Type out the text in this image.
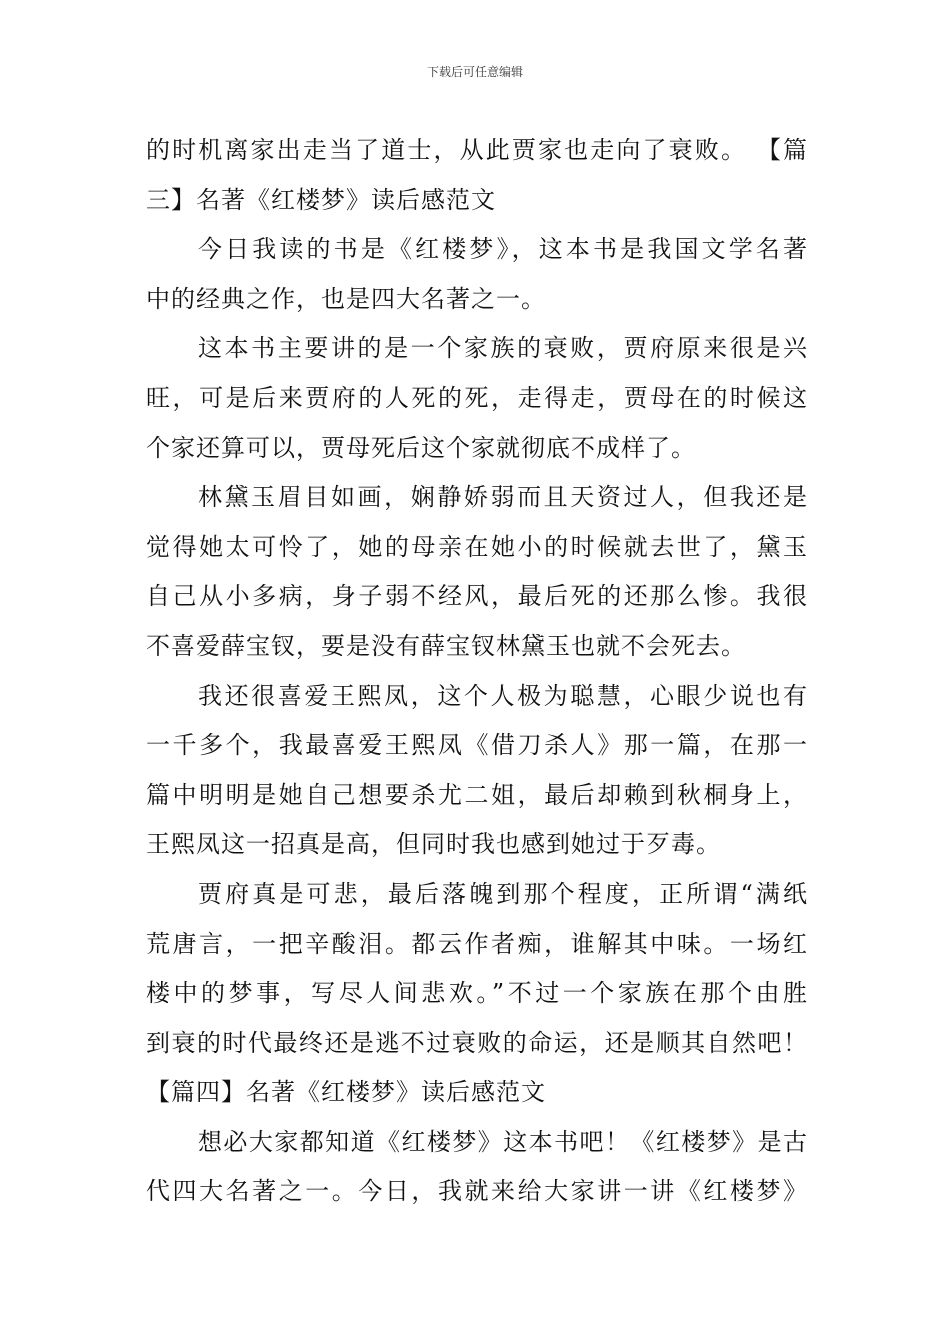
下载后可任意编辑
的时机离家出走当了道士，从此贾家也走向了衰败。 【篇
三】名著《红楼梦》读后感范文
今日我读的书是《红楼梦》，这本书是我国文学名著
中的经典之作，也是四大名著之一。
这本书主要讲的是一个家族的衰败，贾府原来很是兴
旺，可是后来贾府的人死的死，走得走，贾母在的时候这
个家还算可以，贾母死后这个家就彻底不成样了。
林黛玉眉目如画，娴静娇弱而且天资过人，但我还是
觉得她太可怜了，她的母亲在她小的时候就去世了，黛玉
自己从小多病，身子弱不经风，最后死的还那么惨。我很
不喜爱薛宝钗，要是没有薛宝钗林黛玉也就不会死去。
我还很喜爱王熙凤，这个人极为聪慧，心眼少说也有
一千多个，我最喜爱王熙凤《借刀杀人》那一篇，在那一
篇中明明是她自己想要杀尤二姐，最后却赖到秋桐身上，
王熙凤这一招真是高，但同时我也感到她过于歹毒。
贾府真是可悲，最后落魄到那个程度，正所谓“满纸
荒唐言，一把辛酸泪。都云作者痴，谁解其中味。一场红
楼中的梦事，写尽人间悲欢。”不过一个家族在那个由胜
到衰的时代最终还是逃不过衰败的命运，还是顺其自然吧！
【篇四】名著《红楼梦》读后感范文
想必大家都知道《红楼梦》这本书吧！《红楼梦》是古
代四大名著之一。今日，我就来给大家讲一讲《红楼梦》
